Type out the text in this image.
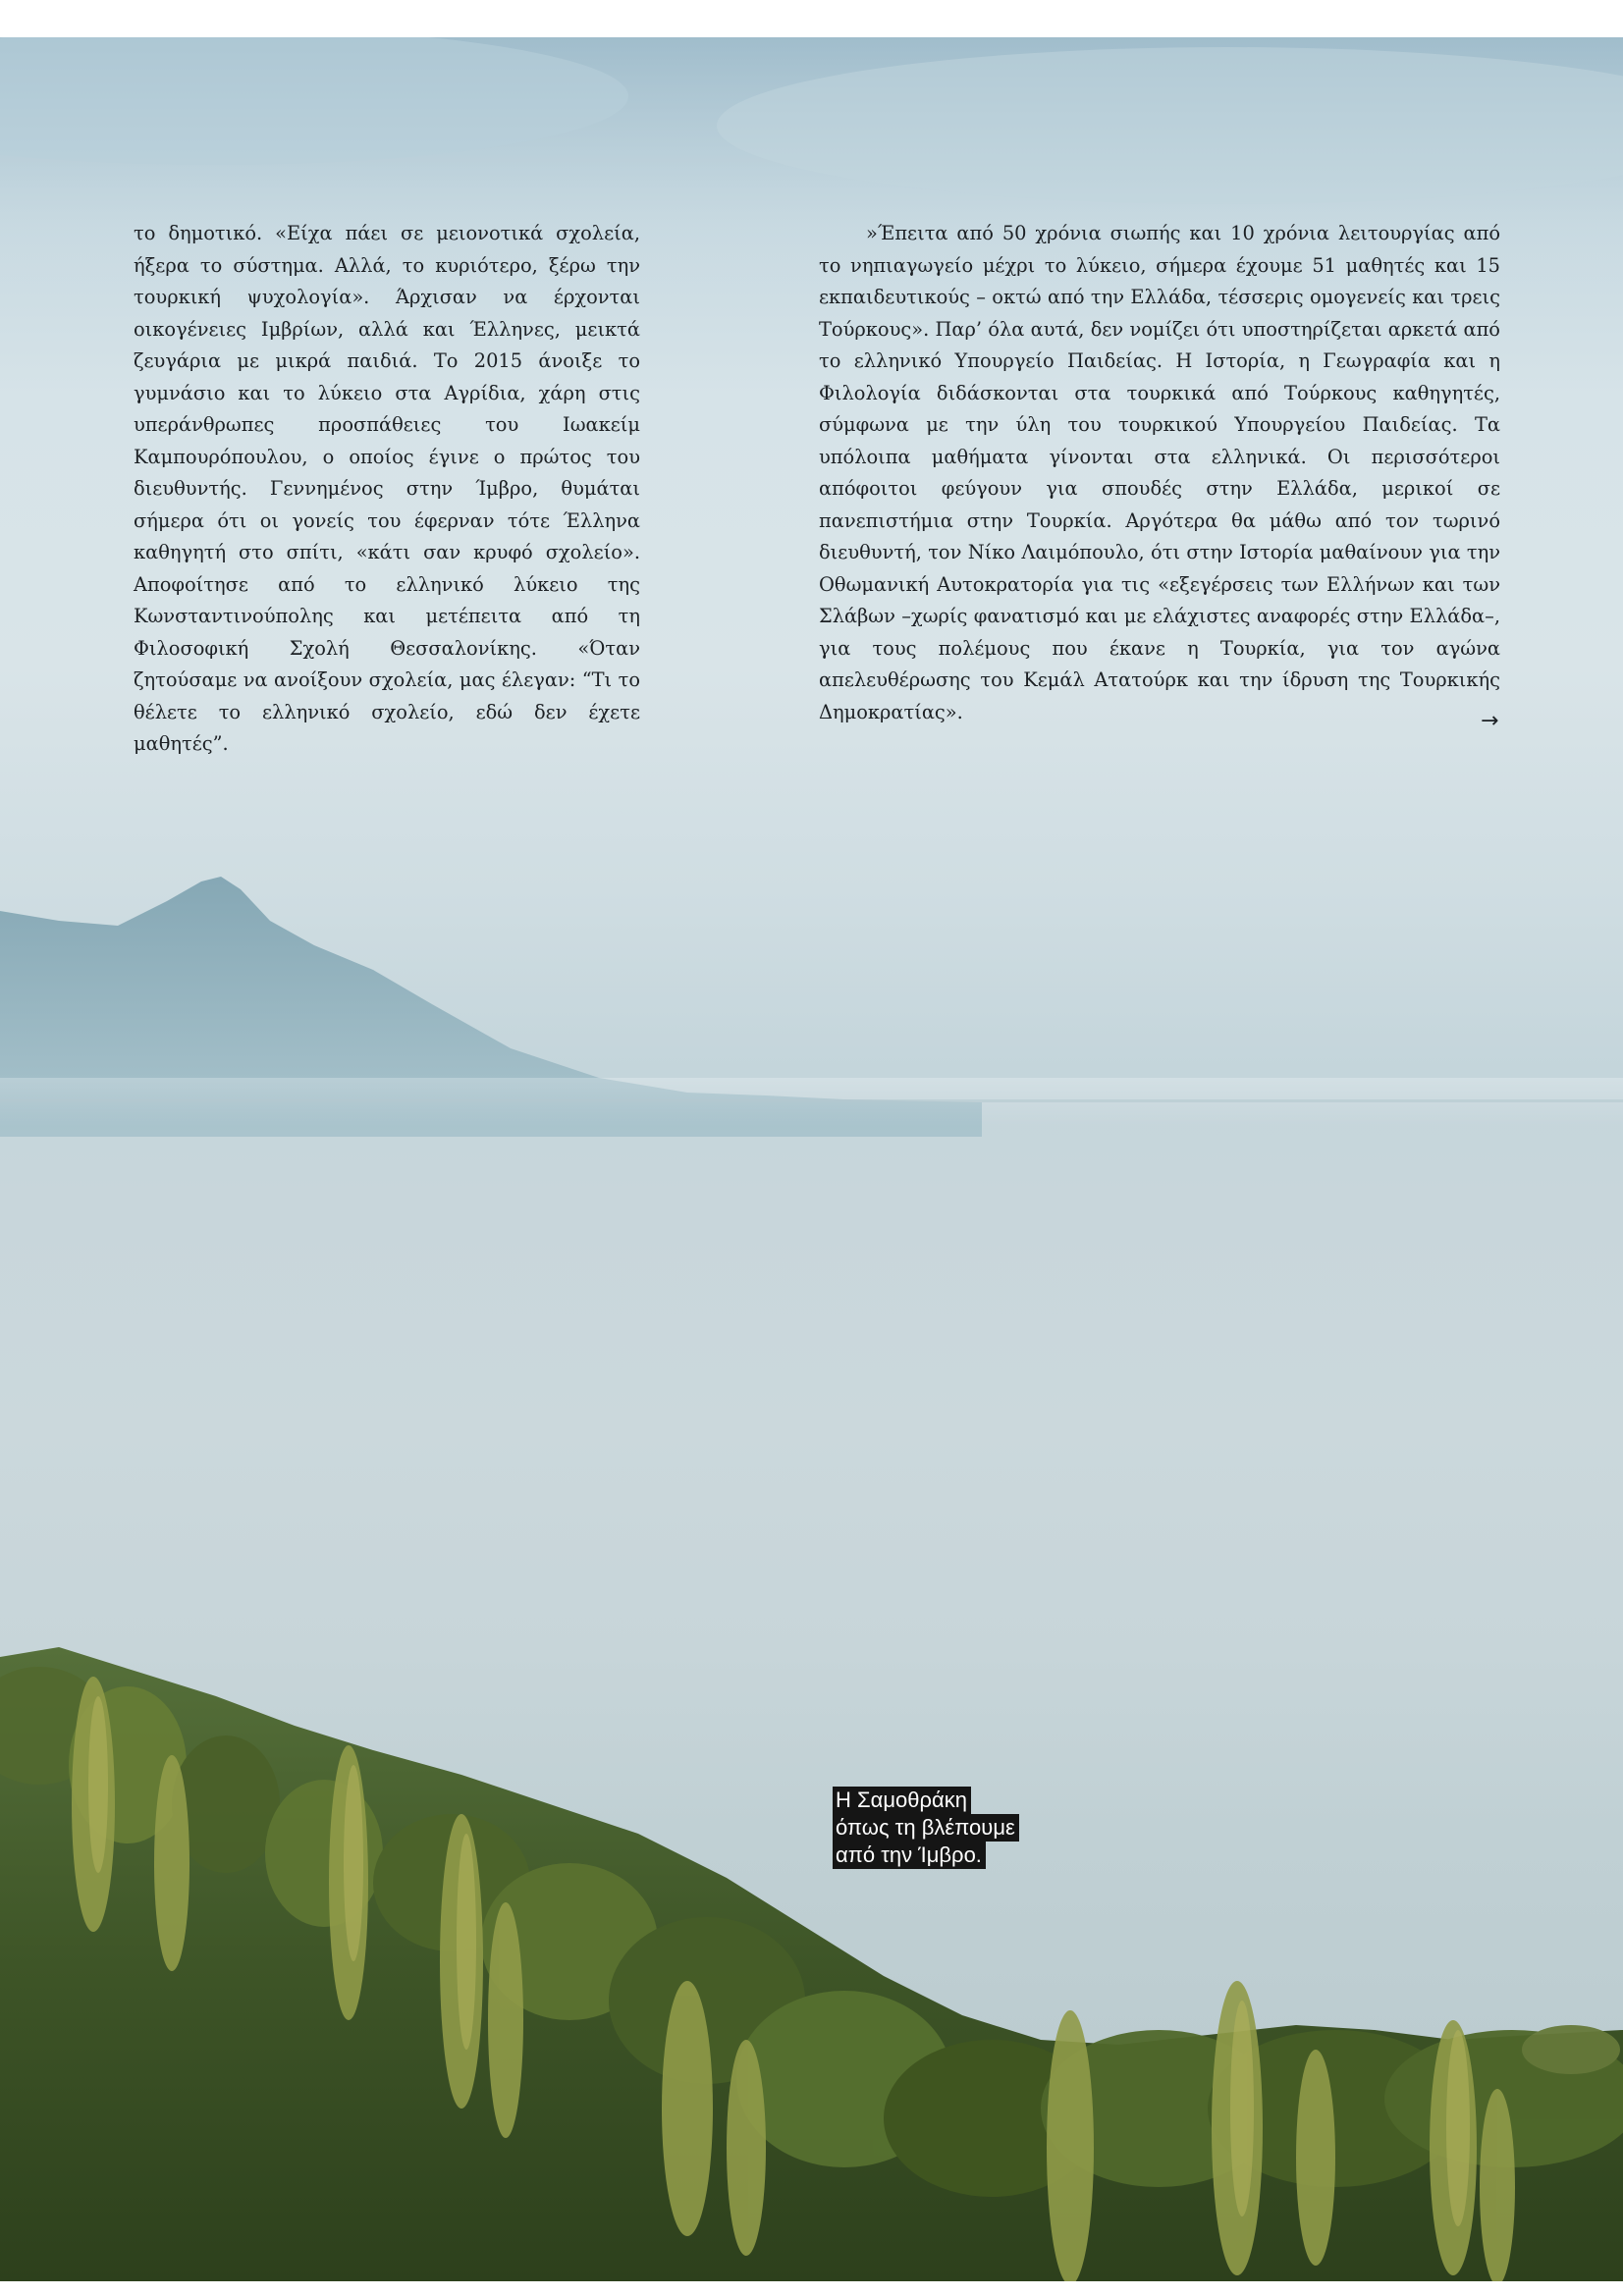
το δημοτικό. «Είχα πάει σε μειονοτικά σχολεία, ήξερα το σύστημα. Αλλά, το κυριότερο, ξέρω την τουρκική ψυχολογία». Άρχισαν να έρχονται οικογένειες Ιμβρίων, αλλά και Έλληνες, μεικτά ζευγάρια με μικρά παιδιά. Το 2015 άνοιξε το γυμνάσιο και το λύκειο στα Αγρίδια, χάρη στις υπεράνθρωπες προσπάθειες του Ιωακείμ Καμπουρόπουλου, ο οποίος έγινε ο πρώτος του διευθυντής. Γεννημένος στην Ίμβρο, θυμάται σήμερα ότι οι γονείς του έφερναν τότε Έλληνα καθηγητή στο σπίτι, «κάτι σαν κρυφό σχολείο». Αποφοίτησε από το ελληνικό λύκειο της Κωνσταντινούπολης και μετέπειτα από τη Φιλοσοφική Σχολή Θεσσαλονίκης. «Όταν ζητούσαμε να ανοίξουν σχολεία, μας έλεγαν: “Τι το θέλετε το ελληνικό σχολείο, εδώ δεν έχετε μαθητές”.

»Έπειτα από 50 χρόνια σιωπής και 10 χρόνια λειτουργίας από το νηπιαγωγείο μέχρι το λύκειο, σήμερα έχουμε 51 μαθητές και 15 εκπαιδευτικούς – οκτώ από την Ελλάδα, τέσσερις ομογενείς και τρεις Τούρκους». Παρ’ όλα αυτά, δεν νομίζει ότι υποστηρίζεται αρκετά από το ελληνικό Υπουργείο Παιδείας. Η Ιστορία, η Γεωγραφία και η Φιλολογία διδάσκονται στα τουρκικά από Τούρκους καθηγητές, σύμφωνα με την ύλη του τουρκικού Υπουργείου Παιδείας. Τα υπόλοιπα μαθήματα γίνονται στα ελληνικά. Οι περισσότεροι απόφοιτοι φεύγουν για σπουδές στην Ελλάδα, μερικοί σε πανεπιστήμια στην Τουρκία. Αργότερα θα μάθω από τον τωρινό διευθυντή, τον Νίκο Λαιμόπουλο, ότι στην Ιστορία μαθαίνουν για την Οθωμανική Αυτοκρατορία για τις «εξεγέρσεις των Ελλήνων και των Σλάβων –χωρίς φανατισμό και με ελάχιστες αναφορές στην Ελλάδα–, για τους πολέμους που έκανε η Τουρκία, για τον αγώνα απελευθέρωσης του Κεμάλ Ατατούρκ και την ίδρυση της Τουρκικής Δημοκρατίας».	→
Η Σαμοθράκη
όπως τη βλέπουμε
από την Ίμβρο.
